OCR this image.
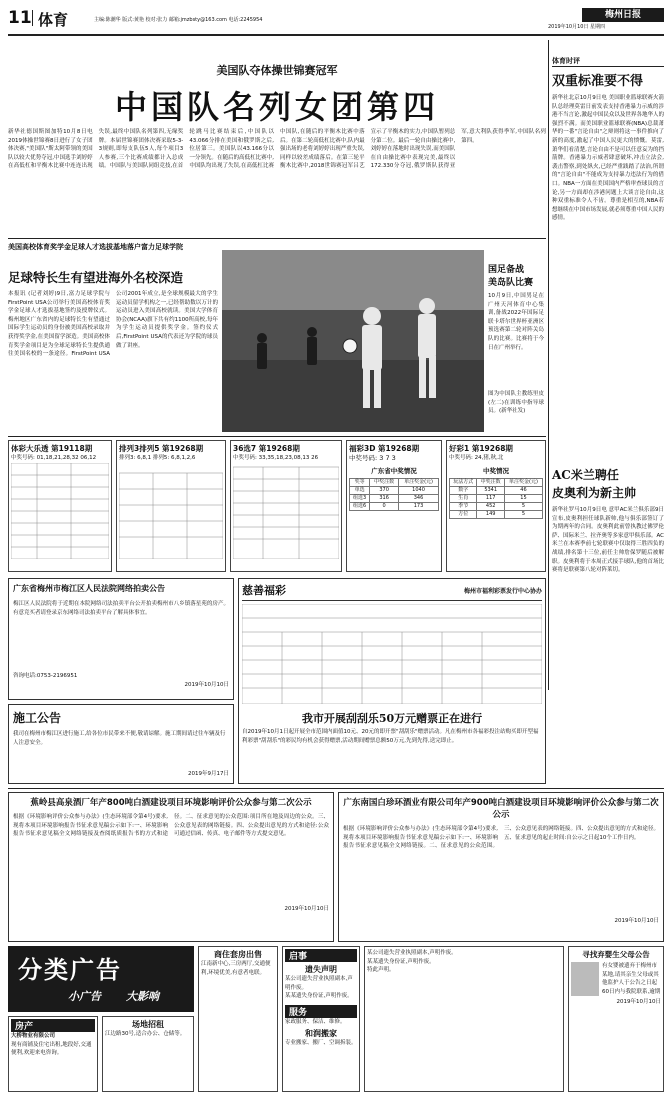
11 体育	主编:陈潮华 版式:黄艳 校对:张力 邮箱:jmzbsty@163.com 电话:2245954	梅州日报
2019年10月10日 星期四
美国队夺体操世锦赛冠军
中国队名列女团第四
新华社德国斯图加特10月8日电 2019体操世锦赛8日进行了女子团体决赛,"美国队"斯太阿带领的美国队以较大优势夺冠,中国选手刘婷婷在高低杠和平衡木比赛中连连出现失误,最终中国队名列第四,无缘奖牌。本届世锦赛团体决赛采取5-3-3规则,即每支队伍5人,每个项目3人参赛,三个比赛成绩都计入总成绩。中国队与美国队同组竞技,在首轮跳马比赛结束后,中国队以43.066分排在美国和俄罗斯之后,位居第三。美国队以43.166分以一分领先。在随后的高低杠比赛中,中国队均出现了失误,在高低杠比赛中国队,在随后的平衡木比赛中落后。在第二轮高低杠比赛中,队内最强出场的老将刘婷婷出现严重失误,同样以较差成绩落后。在第三轮平衡木比赛中,2018世锦赛冠军吕艺宣示了平衡木的实力,中国队暂列总分第二位。最后一轮自由操比赛中,刘婷婷在落地时出现失误,而美国队在自由操比赛中表现完美,最终以172.330分夺冠,俄罗斯队获得亚军,意大利队获得季军,中国队名列第四。
体育时评
双重标准要不得
新华社北京10月9日电 美国职业篮球联赛火箭队总经理莫雷日前发表支持香港暴力示威的涉港不当言论,激起中国民众以及世界各地华人的强烈不满。而美国职业篮球联赛(NBA)总裁萧华的一番"言论自由"之辩则将这一事件推向了新的高度,激起了中国人民更大的愤慨。莫雷,萧华们看清楚,言论自由不是可以任意妄为的挡箭牌。香港暴力示威者肆意破坏,冲击立法会,袭击警察,到处纵火,已经严重践踏了法治,所谓的"言论自由"不能成为支持暴力违法行为的借口。NBA一方面在美国国内严格审查球员的言论,另一方面却在涉港问题上大谈言论自由,这种双重标准令人不齿。尊重是相互的,NBA若想继续在中国市场发展,就必须尊重中国人民的感情。
AC米兰聘任
皮奥利为新主帅
新华社罗马10月9日电 意甲AC米兰俱乐部9日宣布,皮奥利担任球队新帅,他与俱乐部签订了为期两年的合同。皮奥利此前曾执教过佛罗伦萨、国际米兰、拉齐奥等多家意甲俱乐部。AC米兰在本赛季前七轮联赛中仅取得三胜四负的战绩,排名第十三位,前任主帅詹保罗随后被解职。皮奥利将于本周正式接手球队,他的首场比赛将是联赛第八轮对阵莱切。
美国高校体育奖学金足球人才选拔基地落户富力足球学院
足球特长生有望进海外名校深造
本报讯 (记者刘婷)9日,富力足球学院与FirstPoint USA公司举行美国高校体育奖学金足球人才选拔基地签约及授牌仪式。梅州地区广东省内的足球特长生有望通过国际学生运动员的身份被美国高校录取并获得奖学金,在美国留学深造。美国高校体育奖学金项目是为全球足球特长生提供通往美国名校的一条途径。FirstPoint USA公司2001年成立,是全球规模最大的学生运动员留学机构之一,已经帮助数以万计的运动员进入美国高校就读。美国大学体育协会(NCAA)旗下共有约1100所高校,每年为学生运动员提供奖学金。签约仪式后,FirstPoint USA的代表还为学院的球员做了讲座。
国足备战
美岛队比赛
10月9日,中国男足在广州天河体育中心集训,备战2022年国际足联卡塔尔世界杯亚洲区预选赛第二轮对阵关岛队的比赛。比赛将于今日在广州举行。
图为中国队主教练里皮(左二)在训练中指导球员。(新华社发)
体彩大乐透 第19118期
中奖号码: 01,18,21,28,32 06,12
排列3排列5 第19268期
排列3: 6,8,1 排列5: 6,8,1,2,6
36选7 第19268期
中奖号码: 33,35,18,23,08,13 26
福彩3D 第19268期
中奖号码: 3 7 3
广东省中奖情况
奖等	中奖注数	单注奖金(元)
单选	370	1040
组选3	316	346
组选6	0	173
好彩1 第19268期
中奖号码: 24,猪,秋,北
中奖情况
玩法方式	中奖注数	单注奖金(元)
数字	5341	46
生肖	117	15
季节	452	5
方位	149	5
广东省梅州市梅江区人民法院网络拍卖公告
梅江区人民法院将于近期在本院网络司法拍卖平台公开拍卖梅州市八乡镇落星苑的房产。有意竞买者请登录京东网络司法拍卖平台了解具体事宜。
咨询电话:0753-2196951
2019年10月10日
施工公告
我司在梅州市梅江区进行施工,给各位市民带来不便,敬请谅解。施工期间请过往车辆及行人注意安全。
2019年9月17日
慈善福彩	梅州市福利彩票发行中心协办
我市开展刮刮乐50万元赠票正在进行
自2019年10月1日起开展全市范围内面值10元、20元的即开票"刮刮乐"赠票活动。凡在梅州市各福彩投注站购买即开型福利彩票"刮刮乐"的彩民均有机会获得赠票,活动期间赠票总额50万元,先到先得,送完即止。
蕉岭县高泉酒厂年产800吨白酒建设项目环境影响评价公众参与第二次公示
根据《环境影响评价公众参与办法》(生态环境部令第4号)要求,现将本项目环境影响报告书征求意见稿公示如下:一、环境影响报告书征求意见稿全文网络链接及查阅纸质报告书的方式和途径。二、征求意见的公众范围:项目所在地及周边的公众。三、公众意见表的网络链接。四、公众提出意见的方式和途径:公众可通过信函、传真、电子邮件等方式提交意见。
2019年10月10日
广东南国白珍环酒业有限公司年产900吨白酒建设项目环境影响评价公众参与第二次公示
根据《环境影响评价公众参与办法》(生态环境部令第4号)要求,现将本项目环境影响报告书征求意见稿公示如下:一、环境影响报告书征求意见稿全文网络链接。二、征求意见的公众范围。三、公众意见表的网络链接。四、公众提出意见的方式和途径。五、征求意见的起止时间:自公示之日起10个工作日内。
2019年10月10日
分类广告
小广告 大影响
房产
大桥物业有限公司
现有商铺及住宅出租,地段好,交通便利,欢迎来电咨询。
场地招租
江边路30号,适合办公、仓储等。
商住套房出售
江南新中心,三房两厅,交通便利,环境优美,有意者电联。
启事
遗失声明
某公司遗失营业执照副本,声明作废。
某某遗失身份证,声明作废。
服务
家政服务、保洁、维修。
和润搬家
专业搬家、搬厂、空调拆装。
某公司遗失营业执照副本,声明作废。
某某遗失身份证,声明作废。
特此声明。
寻找弃婴生父母公告
有女婴被遗弃于梅州市某地,请其亲生父母或其他监护人于公告之日起60日内与我院联系,逾期
2019年10月10日
